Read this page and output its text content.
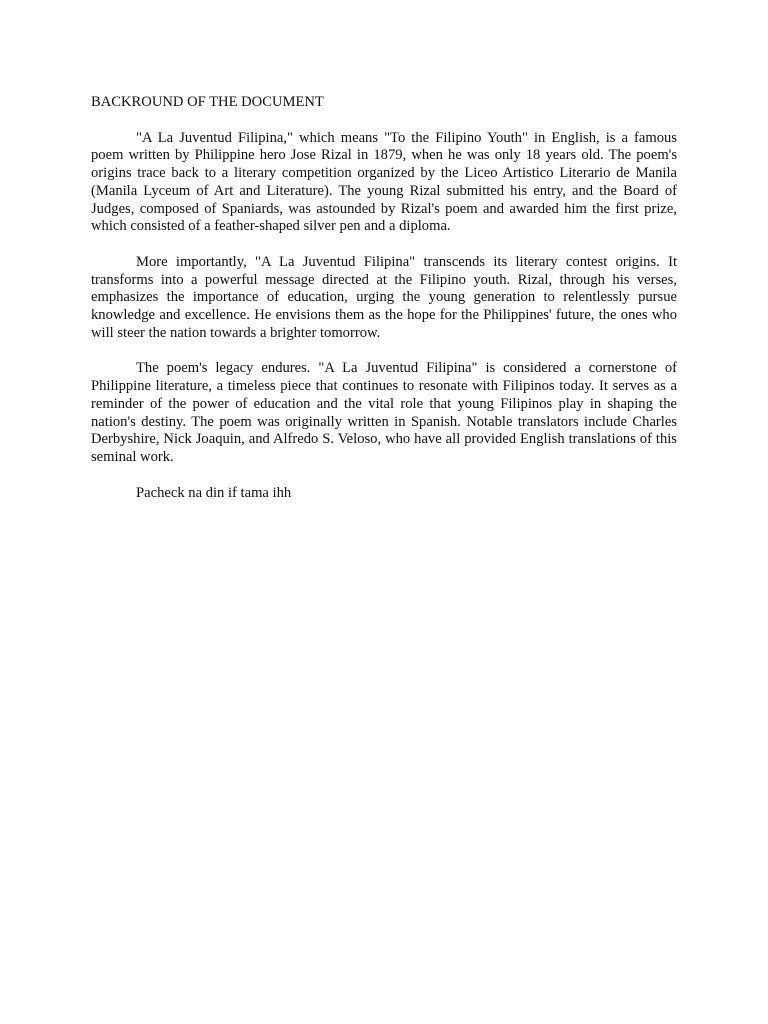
BACKROUND OF THE DOCUMENT

"A La Juventud Filipina," which means "To the Filipino Youth" in English, is a famous poem written by Philippine hero Jose Rizal in 1879, when he was only 18 years old. The poem's origins trace back to a literary competition organized by the Liceo Artistico Literario de Manila (Manila Lyceum of Art and Literature). The young Rizal submitted his entry, and the Board of Judges, composed of Spaniards, was astounded by Rizal's poem and awarded him the first prize, which consisted of a feather-shaped silver pen and a diploma.

More importantly, "A La Juventud Filipina" transcends its literary contest origins. It transforms into a powerful message directed at the Filipino youth. Rizal, through his verses, emphasizes the importance of education, urging the young generation to relentlessly pursue knowledge and excellence. He envisions them as the hope for the Philippines' future, the ones who will steer the nation towards a brighter tomorrow.

The poem's legacy endures. "A La Juventud Filipina" is considered a cornerstone of Philippine literature, a timeless piece that continues to resonate with Filipinos today. It serves as a reminder of the power of education and the vital role that young Filipinos play in shaping the nation's destiny. The poem was originally written in Spanish. Notable translators include Charles Derbyshire, Nick Joaquin, and Alfredo S. Veloso, who have all provided English translations of this seminal work.

Pacheck na din if tama ihh
